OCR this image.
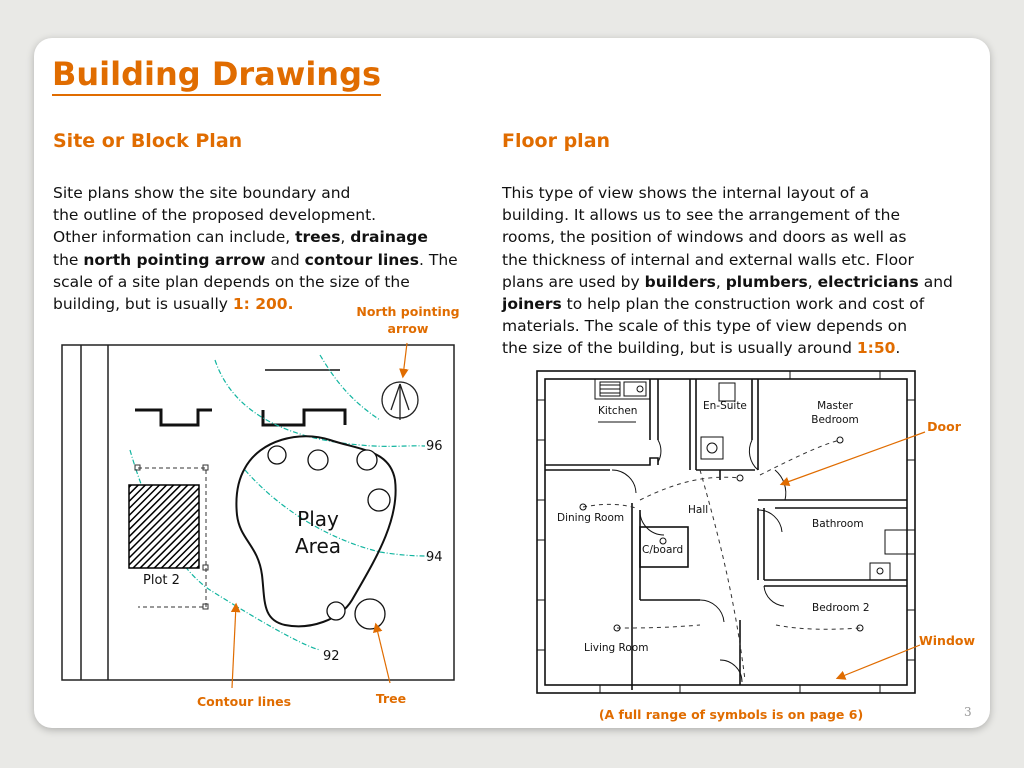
Building Drawings
Site or Block Plan
Site plans show the site boundary and
the outline of the proposed development.
Other information can include, trees, drainage
the north pointing arrow and contour lines. The
scale of a site plan depends on the size of the
building, but is usually 1: 200.
Floor plan
This type of view shows the internal layout of a
building. It allows us to see the arrangement of the
rooms, the position of windows and doors as well as
the thickness of internal and external walls etc. Floor
plans are used by builders, plumbers, electricians and
joiners to help plan the construction work and cost of
materials. The scale of this type of view depends on
the size of the building, but is usually around 1:50.
North pointing
arrow
Contour lines	Tree
Door
Window
(A full range of symbols is on page 6)	3
Play
Area
Plot 2
96
94
92
Kitchen	En-Suite	Master
Bedroom
Hall
Dining Room
C/board
Bathroom
Bedroom 2
Living Room
